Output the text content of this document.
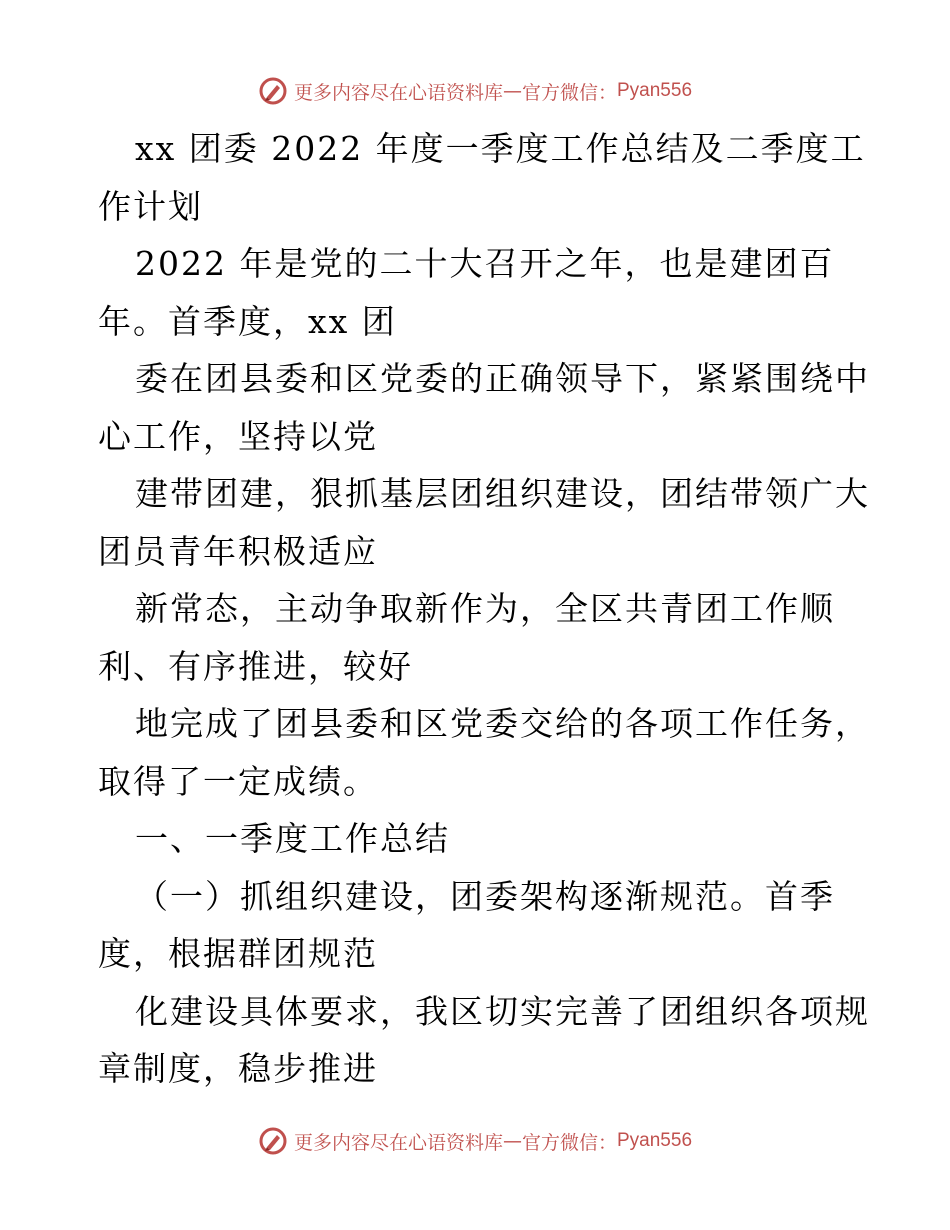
更多内容尽在心语资料库 — 官方微信： Pyan556
xx 团委 2022 年度一季度工作总结及二季度工
作计划
2022 年是党的二十大召开之年，也是建团百
年。首季度，xx 团
委在团县委和区党委的正确领导下，紧紧围绕中
心工作，坚持以党
建带团建，狠抓基层团组织建设，团结带领广大
团员青年积极适应
新常态，主动争取新作为，全区共青团工作顺
利、有序推进，较好
地完成了团县委和区党委交给的各项工作任务，
取得了一定成绩。
一、一季度工作总结
（一）抓组织建设，团委架构逐渐规范。首季
度，根据群团规范
化建设具体要求，我区切实完善了团组织各项规
章制度，稳步推进
更多内容尽在心语资料库 — 官方微信： Pyan556
